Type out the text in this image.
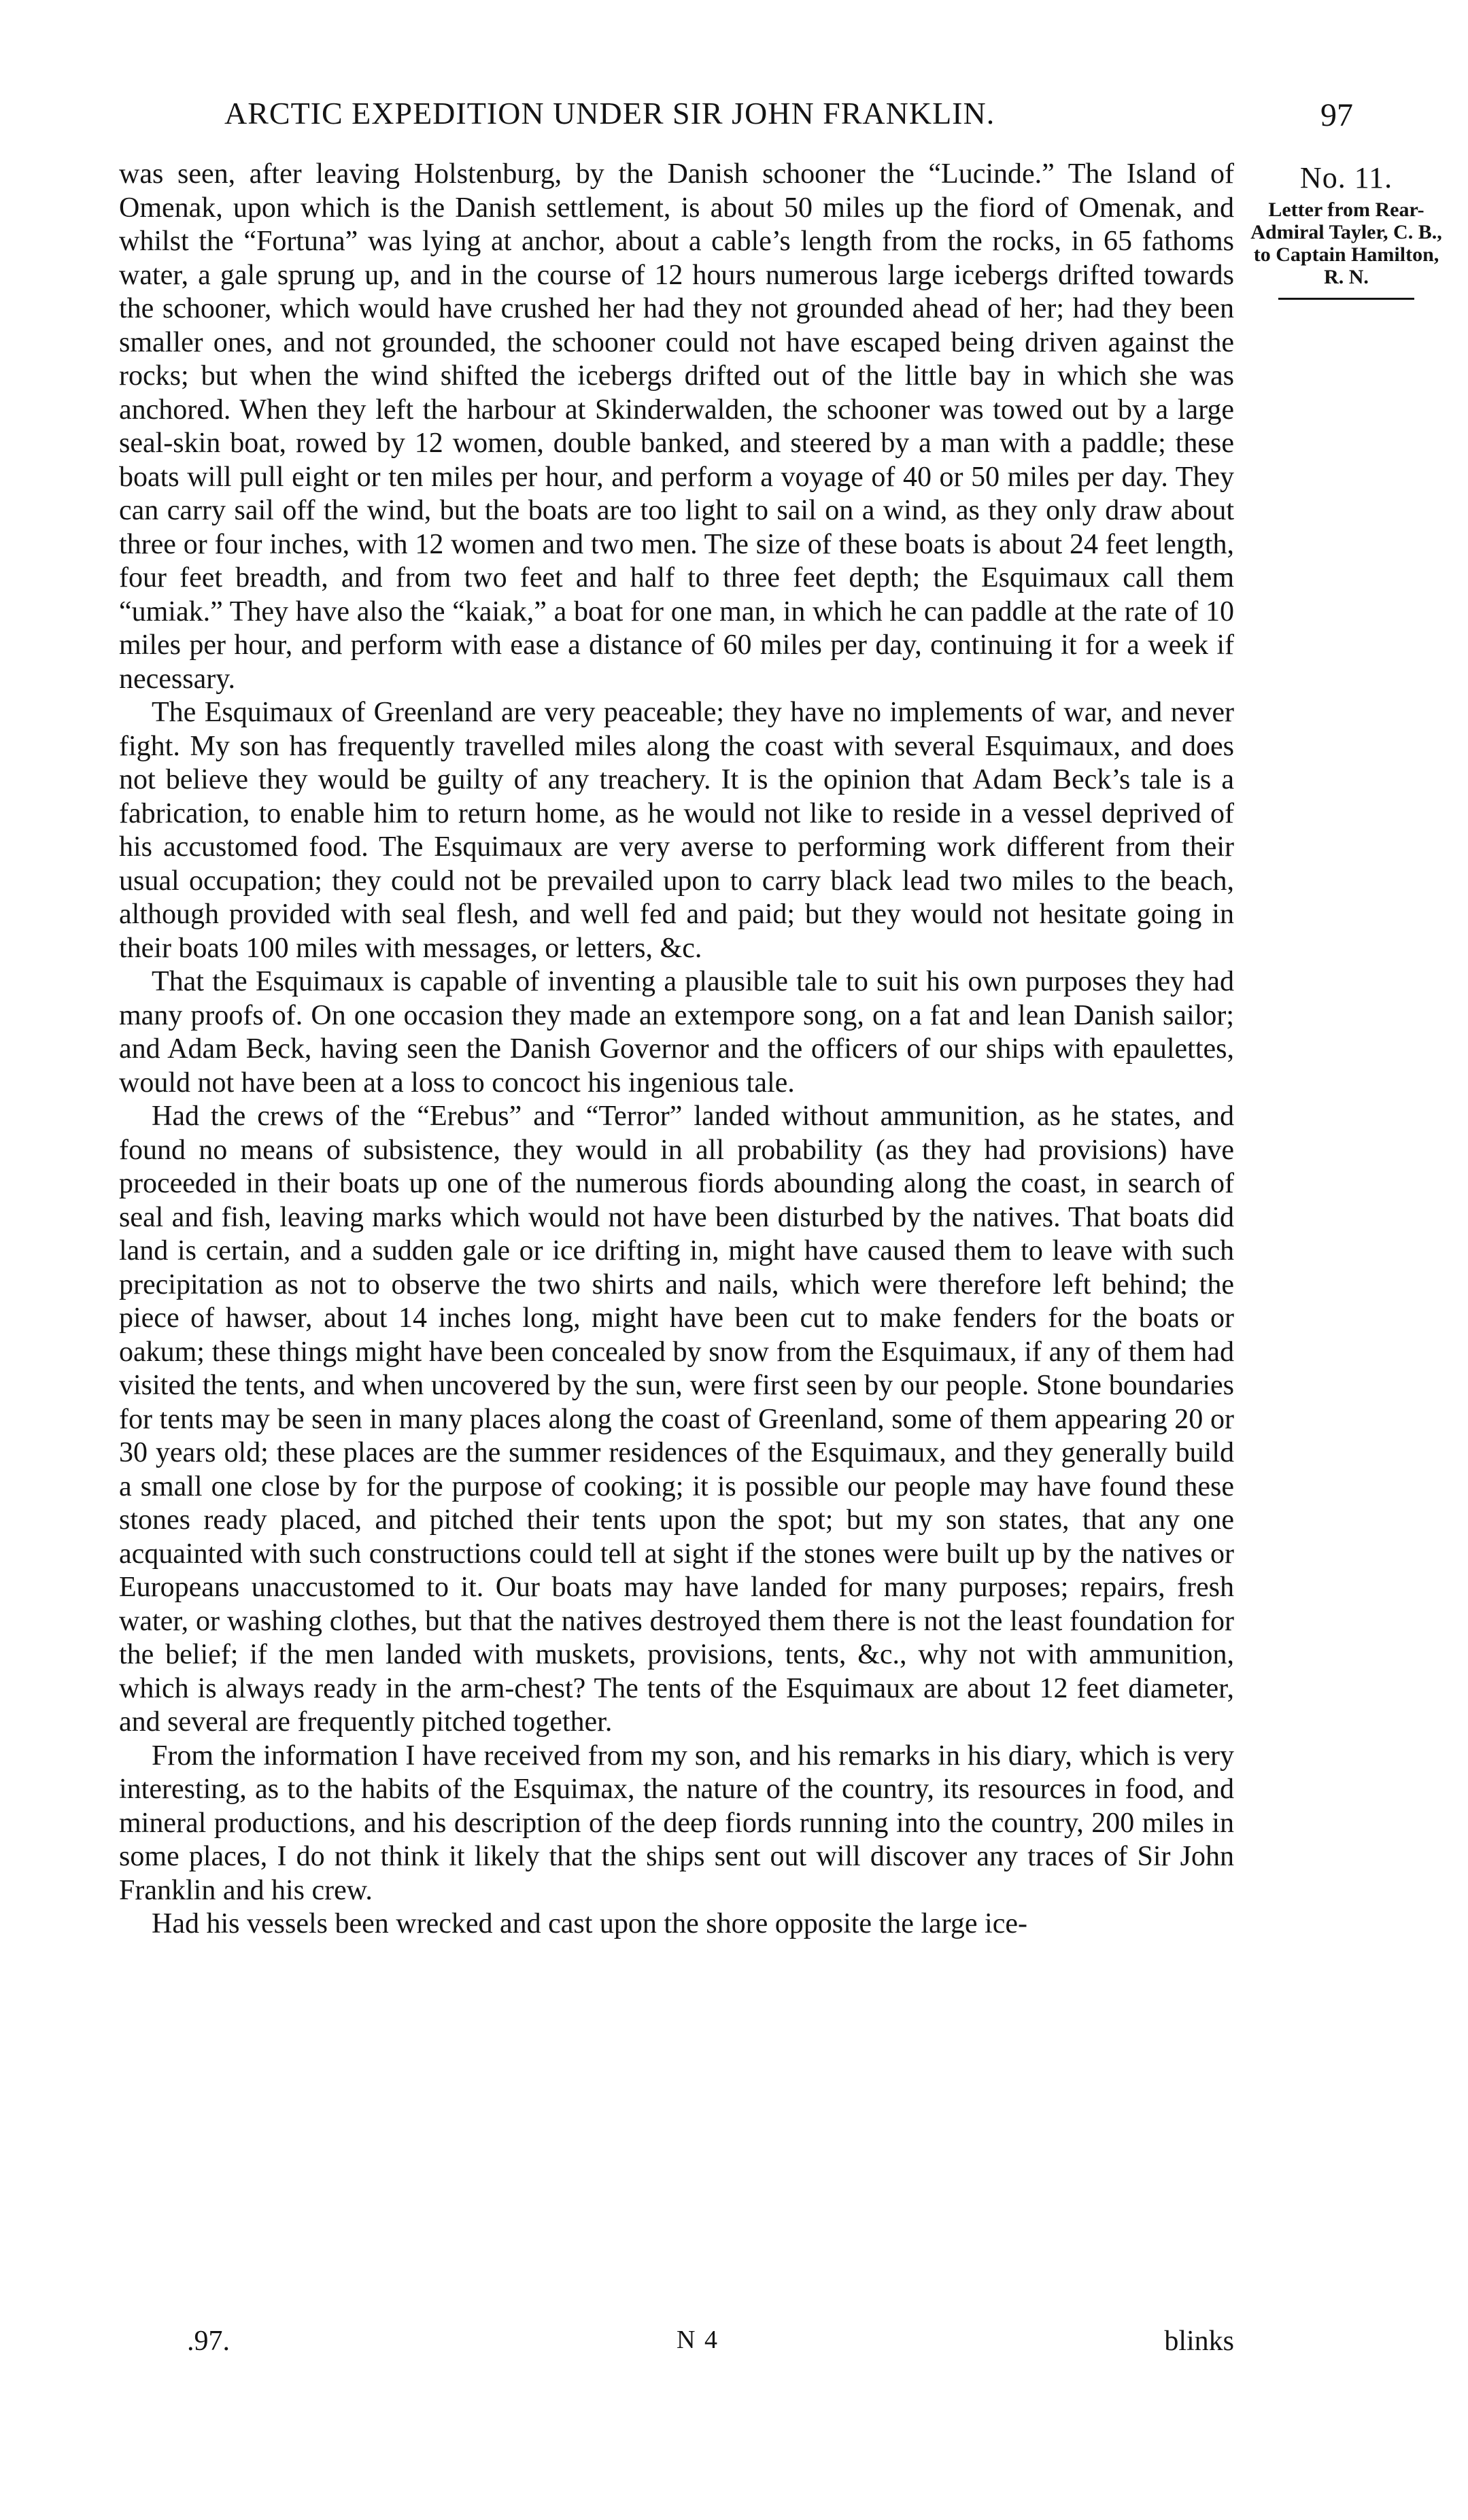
ARCTIC EXPEDITION UNDER SIR JOHN FRANKLIN.	97
No. 11.
Letter from Rear-Admiral Tayler, C. B., to Captain Hamilton, R. N.

was seen, after leaving Holstenburg, by the Danish schooner the “Lucinde.” The Island of Omenak, upon which is the Danish settlement, is about 50 miles up the fiord of Omenak, and whilst the “Fortuna” was lying at anchor, about a cable’s length from the rocks, in 65 fathoms water, a gale sprung up, and in the course of 12 hours numerous large icebergs drifted towards the schooner, which would have crushed her had they not grounded ahead of her; had they been smaller ones, and not grounded, the schooner could not have escaped being driven against the rocks; but when the wind shifted the icebergs drifted out of the little bay in which she was anchored. When they left the harbour at Skinderwalden, the schooner was towed out by a large seal-skin boat, rowed by 12 women, double banked, and steered by a man with a paddle; these boats will pull eight or ten miles per hour, and perform a voyage of 40 or 50 miles per day. They can carry sail off the wind, but the boats are too light to sail on a wind, as they only draw about three or four inches, with 12 women and two men. The size of these boats is about 24 feet length, four feet breadth, and from two feet and half to three feet depth; the Esquimaux call them “umiak.” They have also the “kaiak,” a boat for one man, in which he can paddle at the rate of 10 miles per hour, and perform with ease a distance of 60 miles per day, continuing it for a week if necessary.

The Esquimaux of Greenland are very peaceable; they have no implements of war, and never fight. My son has frequently travelled miles along the coast with several Esquimaux, and does not believe they would be guilty of any treachery. It is the opinion that Adam Beck’s tale is a fabrication, to enable him to return home, as he would not like to reside in a vessel deprived of his accustomed food. The Esquimaux are very averse to performing work different from their usual occupation; they could not be prevailed upon to carry black lead two miles to the beach, although provided with seal flesh, and well fed and paid; but they would not hesitate going in their boats 100 miles with messages, or letters, &c.

That the Esquimaux is capable of inventing a plausible tale to suit his own purposes they had many proofs of. On one occasion they made an extempore song, on a fat and lean Danish sailor; and Adam Beck, having seen the Danish Governor and the officers of our ships with epaulettes, would not have been at a loss to concoct his ingenious tale.

Had the crews of the “Erebus” and “Terror” landed without ammunition, as he states, and found no means of subsistence, they would in all probability (as they had provisions) have proceeded in their boats up one of the numerous fiords abounding along the coast, in search of seal and fish, leaving marks which would not have been disturbed by the natives. That boats did land is certain, and a sudden gale or ice drifting in, might have caused them to leave with such precipitation as not to observe the two shirts and nails, which were therefore left behind; the piece of hawser, about 14 inches long, might have been cut to make fenders for the boats or oakum; these things might have been concealed by snow from the Esquimaux, if any of them had visited the tents, and when uncovered by the sun, were first seen by our people. Stone boundaries for tents may be seen in many places along the coast of Greenland, some of them appearing 20 or 30 years old; these places are the summer residences of the Esquimaux, and they generally build a small one close by for the purpose of cooking; it is possible our people may have found these stones ready placed, and pitched their tents upon the spot; but my son states, that any one acquainted with such constructions could tell at sight if the stones were built up by the natives or Europeans unaccustomed to it. Our boats may have landed for many purposes; repairs, fresh water, or washing clothes, but that the natives destroyed them there is not the least foundation for the belief; if the men landed with muskets, provisions, tents, &c., why not with ammunition, which is always ready in the arm-chest? The tents of the Esquimaux are about 12 feet diameter, and several are frequently pitched together.

From the information I have received from my son, and his remarks in his diary, which is very interesting, as to the habits of the Esquimax, the nature of the country, its resources in food, and mineral productions, and his description of the deep fiords running into the country, 200 miles in some places, I do not think it likely that the ships sent out will discover any traces of Sir John Franklin and his crew.

Had his vessels been wrecked and cast upon the shore opposite the large ice-

.97.	N 4	blinks
